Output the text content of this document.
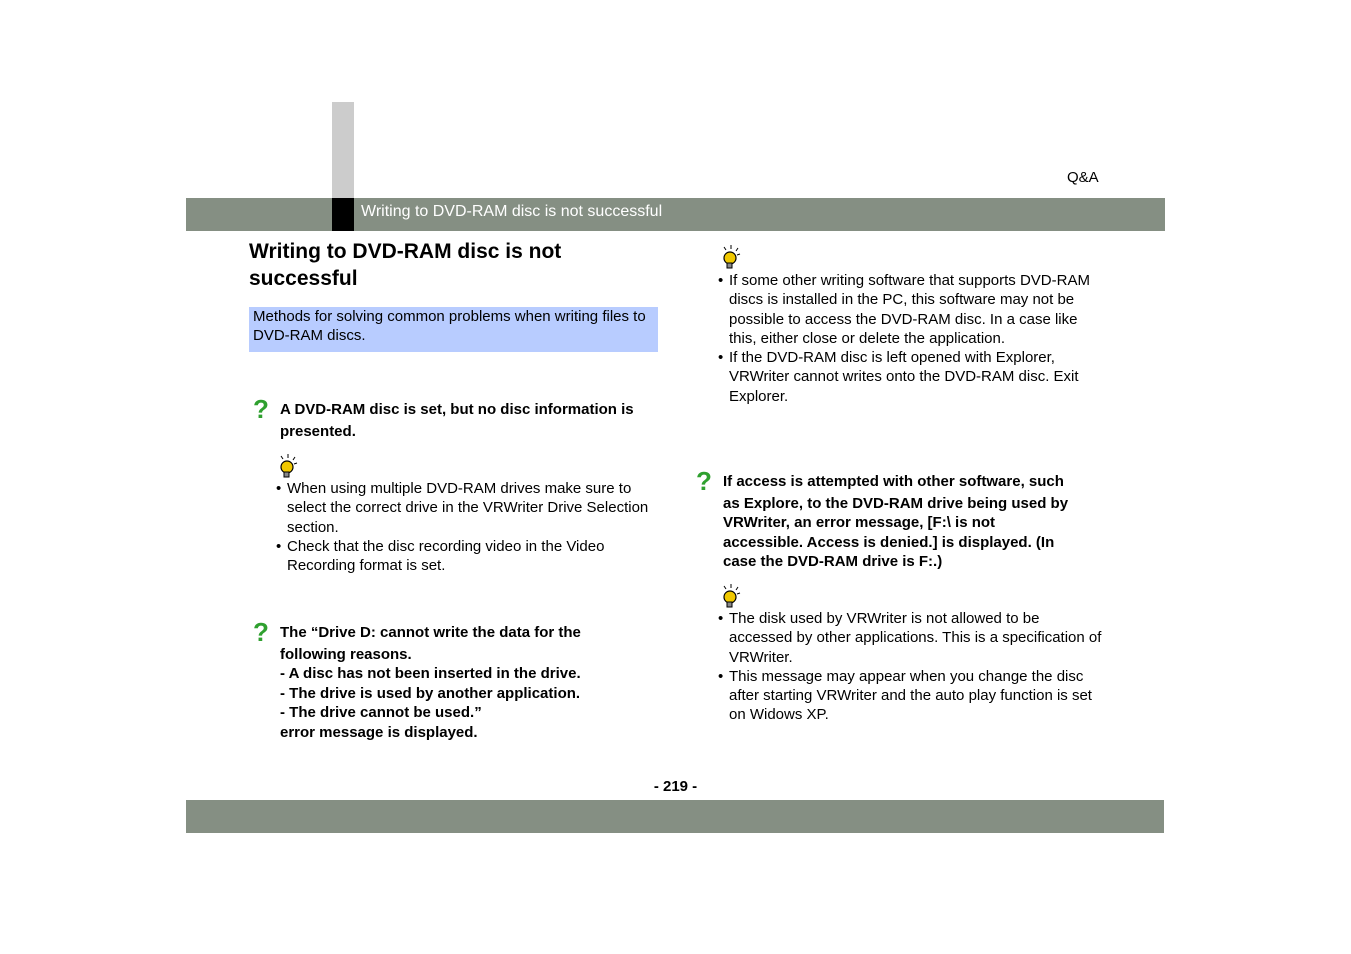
Writing to DVD-RAM disc is not successful
Q&A
Writing to DVD-RAM disc is not successful
Methods for solving common problems when writing files to DVD-RAM discs.
? A DVD-RAM disc is set, but no disc information is
presented.
• When using multiple DVD-RAM drives make sure to select the correct drive in the VRWriter Drive Selection section.
• Check that the disc recording video in the Video Recording format is set.
? The “Drive D: cannot write the data for the
following reasons.
- A disc has not been inserted in the drive.
- The drive is used by another application.
- The drive cannot be used.”
error message is displayed.
• If some other writing software that supports DVD-RAM discs is installed in the PC, this software may not be possible to access the DVD-RAM disc. In a case like this, either close or delete the application.
• If the DVD-RAM disc is left opened with Explorer, VRWriter cannot writes onto the DVD-RAM disc. Exit Explorer.
? If access is attempted with other software, such
as Explore, to the DVD-RAM drive being used by
VRWriter, an error message, [F:\ is not
accessible. Access is denied.] is displayed. (In
case the DVD-RAM drive is F:.)
• The disk used by VRWriter is not allowed to be accessed by other applications. This is a specification of VRWriter.
• This message may appear when you change the disc after starting VRWriter and the auto play function is set on Widows XP.
- 219 -
